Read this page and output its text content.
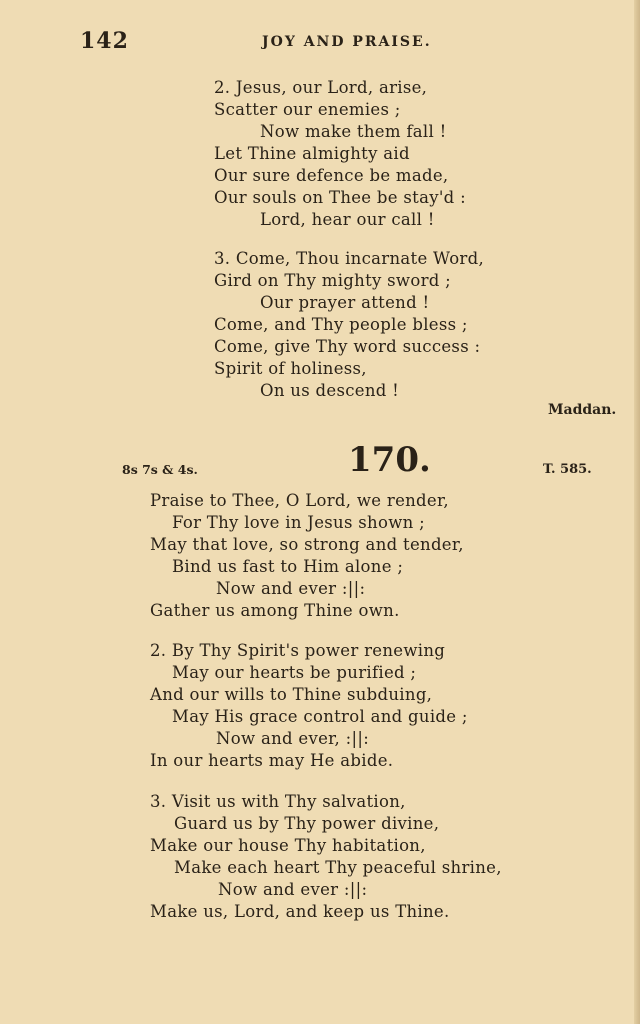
142	JOY AND PRAISE.
2. Jesus, our Lord, arise,
Scatter our enemies ;
Now make them fall !
Let Thine almighty aid
Our sure defence be made,
Our souls on Thee be stay'd :
Lord, hear our call !
3. Come, Thou incarnate Word,
Gird on Thy mighty sword ;
Our prayer attend !
Come, and Thy people bless ;
Come, give Thy word success :
Spirit of holiness,
On us descend !
Maddan.
8s 7s & 4s.	170.	T. 585.
Praise to Thee, O Lord, we render,
For Thy love in Jesus shown ;
May that love, so strong and tender,
Bind us fast to Him alone ;
Now and ever :||:
Gather us among Thine own.
2. By Thy Spirit's power renewing
May our hearts be purified ;
And our wills to Thine subduing,
May His grace control and guide ;
Now and ever, :||:
In our hearts may He abide.
3. Visit us with Thy salvation,
Guard us by Thy power divine,
Make our house Thy habitation,
Make each heart Thy peaceful shrine,
Now and ever :||:
Make us, Lord, and keep us Thine.
